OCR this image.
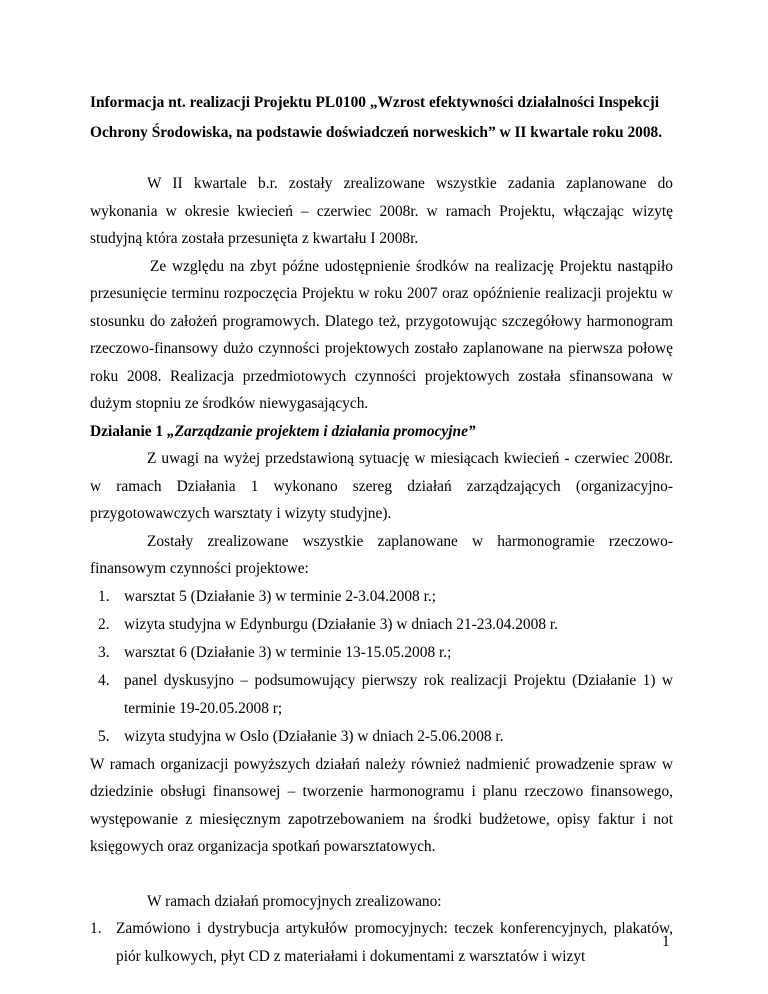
Informacja nt. realizacji Projektu PL0100 „Wzrost efektywności działalności Inspekcji Ochrony Środowiska, na podstawie doświadczeń norweskich” w II kwartale roku 2008.

W II kwartale b.r. zostały zrealizowane wszystkie zadania zaplanowane do wykonania w okresie kwiecień – czerwiec 2008r. w ramach Projektu, włączając wizytę studyjną która została przesunięta z kwartału I 2008r.

Ze względu na zbyt późne udostępnienie środków na realizację Projektu nastąpiło przesunięcie terminu rozpoczęcia Projektu w roku 2007 oraz opóźnienie realizacji projektu w stosunku do założeń programowych. Dlatego też, przygotowując szczegółowy harmonogram rzeczowo-finansowy dużo czynności projektowych zostało zaplanowane na pierwsza połowę roku 2008. Realizacja przedmiotowych czynności projektowych została sfinansowana w dużym stopniu ze środków niewygasających.

Działanie 1 „Zarządzanie projektem i działania promocyjne”

Z uwagi na wyżej przedstawioną sytuację w miesiącach kwiecień - czerwiec 2008r. w ramach Działania 1 wykonano szereg działań zarządzających (organizacyjno-przygotowawczych warsztaty i wizyty studyjne).

Zostały zrealizowane wszystkie zaplanowane w harmonogramie rzeczowo-finansowym czynności projektowe:

1. warsztat 5 (Działanie 3) w terminie 2-3.04.2008 r.;
2. wizyta studyjna w Edynburgu (Działanie 3) w dniach 21-23.04.2008 r.
3. warsztat 6 (Działanie 3) w terminie 13-15.05.2008 r.;
4. panel dyskusyjno – podsumowujący pierwszy rok realizacji Projektu (Działanie 1) w terminie 19-20.05.2008 r;
5. wizyta studyjna w Oslo (Działanie 3) w dniach 2-5.06.2008 r.

W ramach organizacji powyższych działań należy również nadmienić prowadzenie spraw w dziedzinie obsługi finansowej – tworzenie harmonogramu i planu rzeczowo finansowego, występowanie z miesięcznym zapotrzebowaniem na środki budżetowe, opisy faktur i not księgowych oraz organizacja spotkań powarsztatowych.

W ramach działań promocyjnych zrealizowano:

1. Zamówiono i dystrybucja artykułów promocyjnych: teczek konferencyjnych, plakatów, piór kulkowych, płyt CD z materiałami i dokumentami z warsztatów i wizyt
1
